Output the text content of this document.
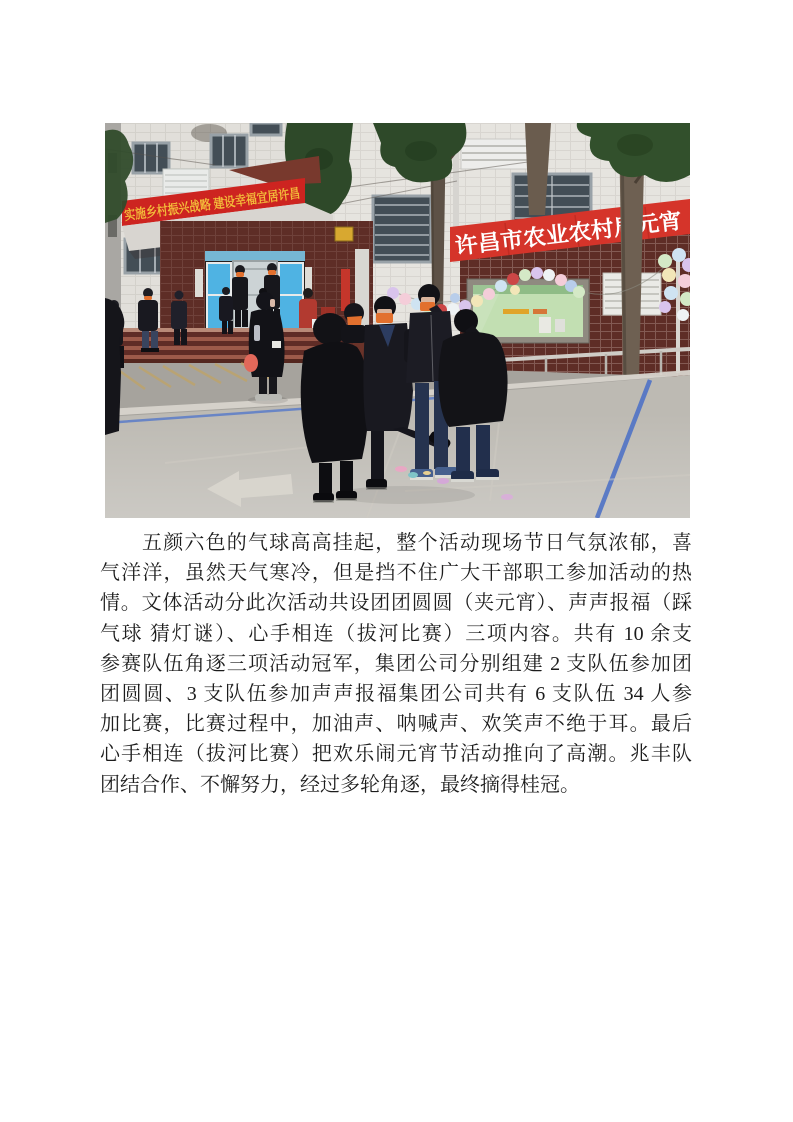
实施乡村振兴战略 建设幸福宜居许昌
许昌市农业农村局元宵
五颜六色的气球高高挂起，整个活动现场节日气氛浓郁，喜
气洋洋，虽然天气寒冷，但是挡不住广大干部职工参加活动的热
情。文体活动分此次活动共设团团圆圆（夹元宵）、声声报福（踩
气球 猜灯谜）、心手相连（拔河比赛）三项内容。共有 10 余支
参赛队伍角逐三项活动冠军，集团公司分别组建 2 支队伍参加团
团圆圆、3 支队伍参加声声报福集团公司共有 6 支队伍 34 人参
加比赛，比赛过程中，加油声、呐喊声、欢笑声不绝于耳。最后
心手相连（拔河比赛）把欢乐闹元宵节活动推向了高潮。兆丰队
团结合作、不懈努力，经过多轮角逐，最终摘得桂冠。
